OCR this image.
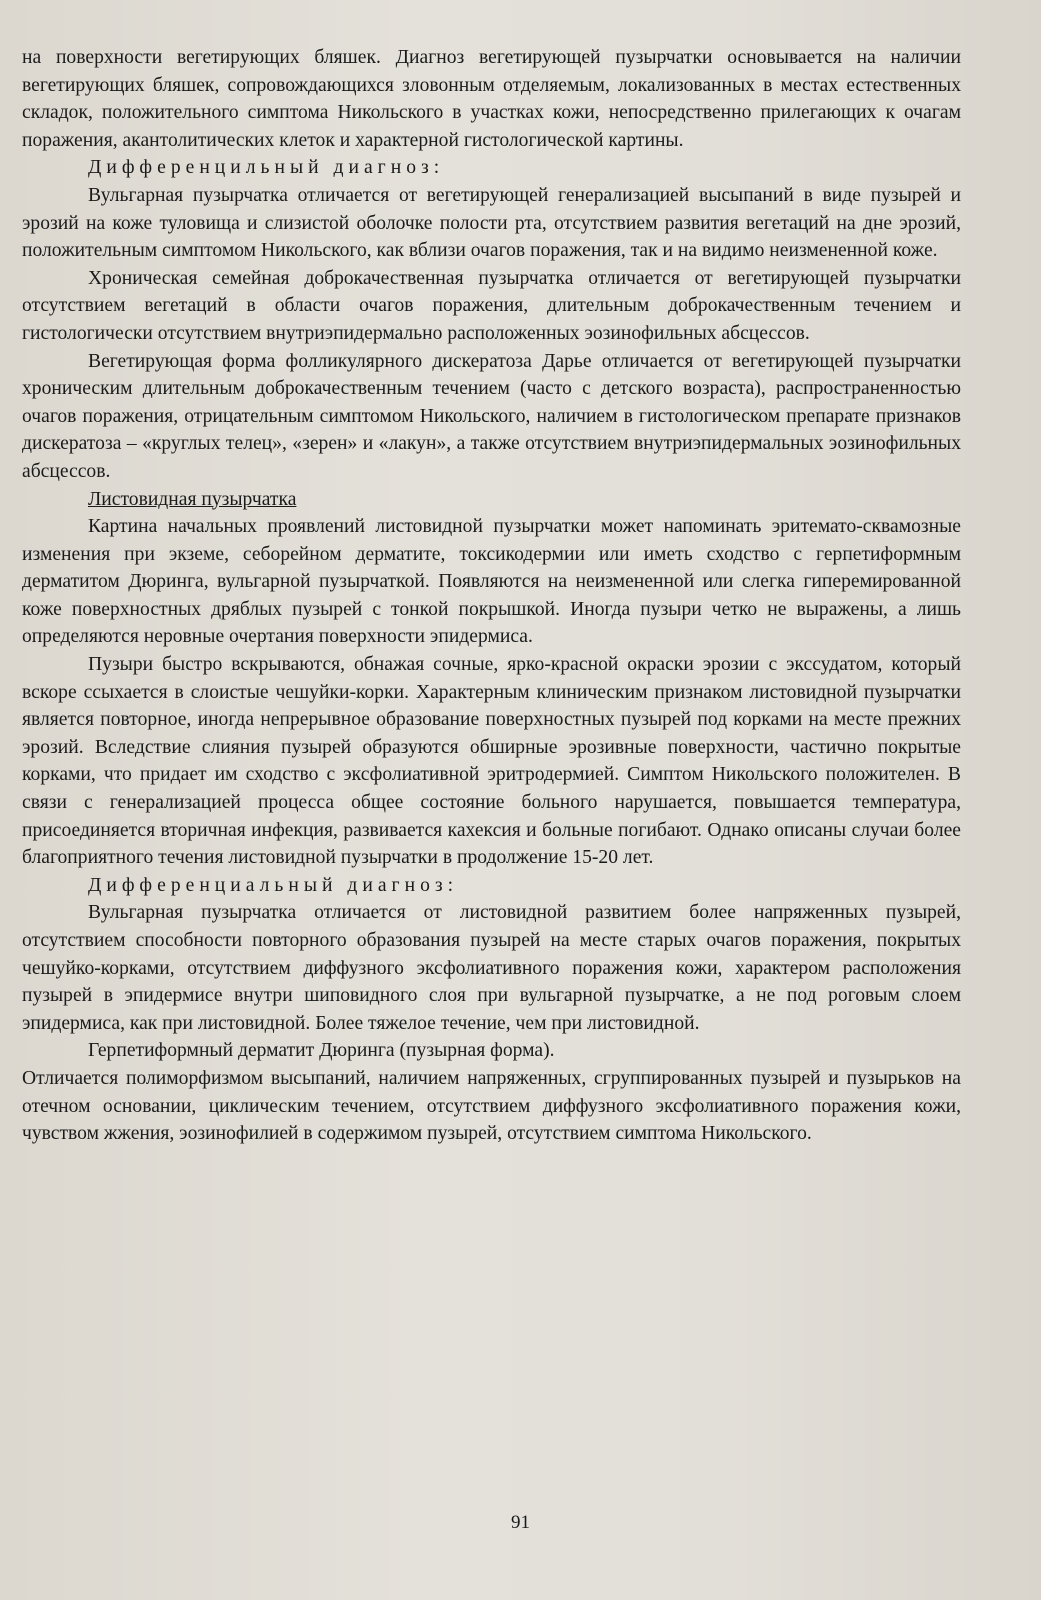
на поверхности вегетирующих бляшек. Диагноз вегетирующей пузырчатки основывается на наличии вегетирующих бляшек, сопровождающихся зловонным отделяемым, локализованных в местах естественных складок, положительного симптома Никольского в участках кожи, непосредственно прилегающих к очагам поражения, акантолитических клеток и характерной гистологической картины.

Дифференцильный диагноз:

Вульгарная пузырчатка отличается от вегетирующей генерализацией высыпаний в виде пузырей и эрозий на коже туловища и слизистой оболочке полости рта, отсутствием развития вегетаций на дне эрозий, положительным симптомом Никольского, как вблизи очагов поражения, так и на видимо неизмененной коже.

Хроническая семейная доброкачественная пузырчатка отличается от вегетирующей пузырчатки отсутствием вегетаций в области очагов поражения, длительным доброкачественным течением и гистологически отсутствием внутриэпидермально расположенных эозинофильных абсцессов.

Вегетирующая форма фолликулярного дискератоза Дарье отличается от вегетирующей пузырчатки хроническим длительным доброкачественным течением (часто с детского возраста), распространенностью очагов поражения, отрицательным симптомом Никольского, наличием в гистологическом препарате признаков дискератоза – «круглых телец», «зерен» и «лакун», а также отсутствием внутриэпидермальных эозинофильных абсцессов.

Листовидная пузырчатка

Картина начальных проявлений листовидной пузырчатки может напоминать эритемато-сквамозные изменения при экземе, себорейном дерматите, токсикодермии или иметь сходство с герпетиформным дерматитом Дюринга, вульгарной пузырчаткой. Появляются на неизмененной или слегка гиперемированной коже поверхностных дряблых пузырей с тонкой покрышкой. Иногда пузыри четко не выражены, а лишь определяются неровные очертания поверхности эпидермиса.

Пузыри быстро вскрываются, обнажая сочные, ярко-красной окраски эрозии с экссудатом, который вскоре ссыхается в слоистые чешуйки-корки. Характерным клиническим признаком листовидной пузырчатки является повторное, иногда непрерывное образование поверхностных пузырей под корками на месте прежних эрозий. Вследствие слияния пузырей образуются обширные эрозивные поверхности, частично покрытые корками, что придает им сходство с эксфолиативной эритродермией. Симптом Никольского положителен. В связи с генерализацией процесса общее состояние больного нарушается, повышается температура, присоединяется вторичная инфекция, развивается кахексия и больные погибают. Однако описаны случаи более благоприятного течения листовидной пузырчатки в продолжение 15-20 лет.

Дифференциальный диагноз:

Вульгарная пузырчатка отличается от листовидной развитием более напряженных пузырей, отсутствием способности повторного образования пузырей на месте старых очагов поражения, покрытых чешуйко-корками, отсутствием диффузного эксфолиативного поражения кожи, характером расположения пузырей в эпидермисе внутри шиповидного слоя при вульгарной пузырчатке, а не под роговым слоем эпидермиса, как при листовидной. Более тяжелое течение, чем при листовидной.

Герпетиформный дерматит Дюринга (пузырная форма).

Отличается полиморфизмом высыпаний, наличием напряженных, сгруппированных пузырей и пузырьков на отечном основании, циклическим течением, отсутствием диффузного эксфолиативного поражения кожи, чувством жжения, эозинофилией в содержимом пузырей, отсутствием симптома Никольского.

91
